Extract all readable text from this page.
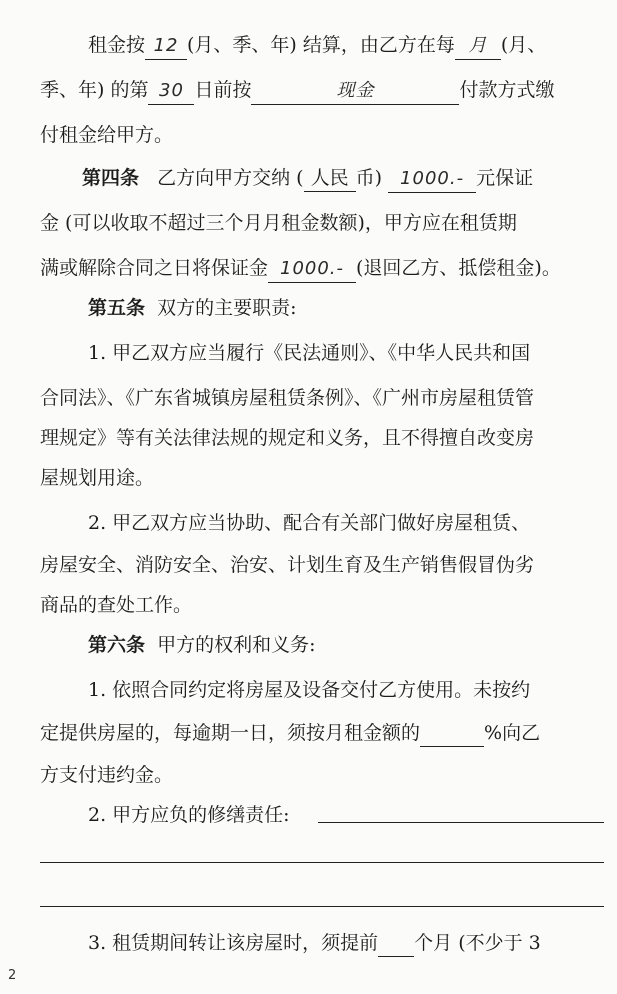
租金按 12 (月、季、年) 结算，由乙方在每 月 (月、
季、年) 的第 30 日前按	现金	付款方式缴
付租金给甲方。
第四条 乙方向甲方交纳 ( 人民 币) 1000.- 元保证
金 (可以收取不超过三个月月租金数额)，甲方应在租赁期
满或解除合同之日将保证金 1000.- (退回乙方、抵偿租金)。
第五条 双方的主要职责:
1. 甲乙双方应当履行《民法通则》、《中华人民共和国
合同法》、《广东省城镇房屋租赁条例》、《广州市房屋租赁管
理规定》等有关法律法规的规定和义务，且不得擅自改变房
屋规划用途。
2. 甲乙双方应当协助、配合有关部门做好房屋租赁、
房屋安全、消防安全、治安、计划生育及生产销售假冒伪劣
商品的查处工作。
第六条 甲方的权利和义务:
1. 依照合同约定将房屋及设备交付乙方使用。未按约
定提供房屋的，每逾期一日，须按月租金额的	%向乙
方支付违约金。
2. 甲方应负的修缮责任:
3. 租赁期间转让该房屋时，须提前 个月 (不少于 3
2
